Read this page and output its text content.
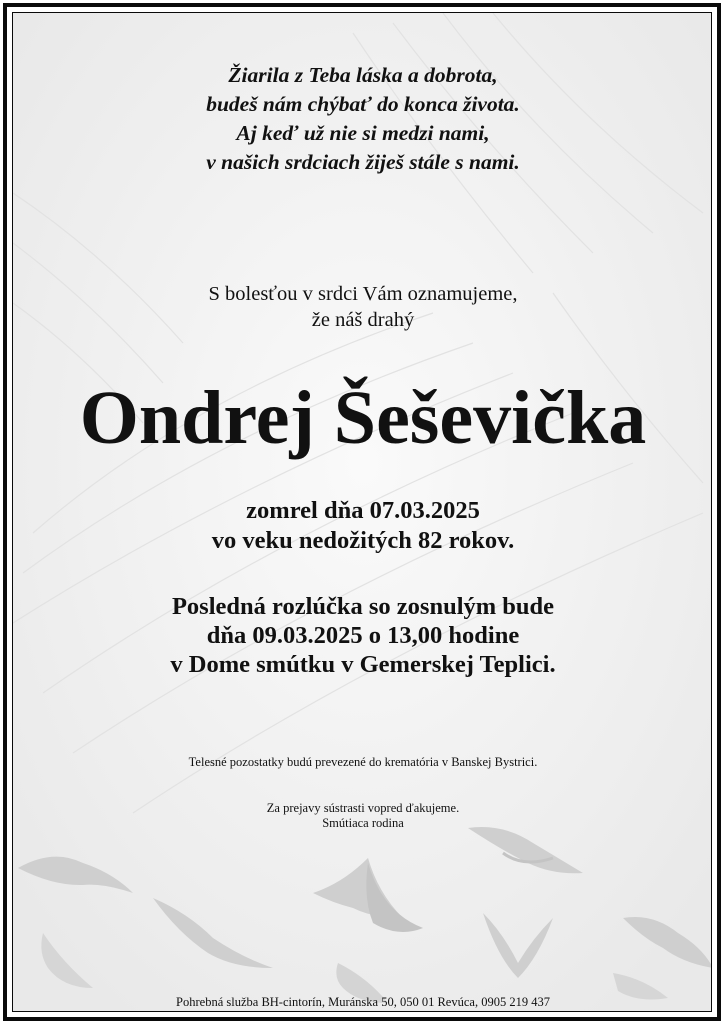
Žiarila z Teba láska a dobrota,
budeš nám chýbať do konca života.
Aj keď už nie si medzi nami,
v našich srdciach žiješ stále s nami.
S bolesťou v srdci Vám oznamujeme,
že náš drahý
Ondrej Šeševička
zomrel dňa 07.03.2025
vo veku nedožitých 82 rokov.
Posledná rozlúčka so zosnulým bude
dňa 09.03.2025 o 13,00 hodine
v Dome smútku v Gemerskej Teplici.
Telesné pozostatky budú prevezené do krematória v Banskej Bystrici.
Za prejavy sústrasti vopred ďakujeme.
Smútiaca rodina
Pohrebná služba BH-cintorín, Muránska 50, 050 01 Revúca, 0905 219 437
